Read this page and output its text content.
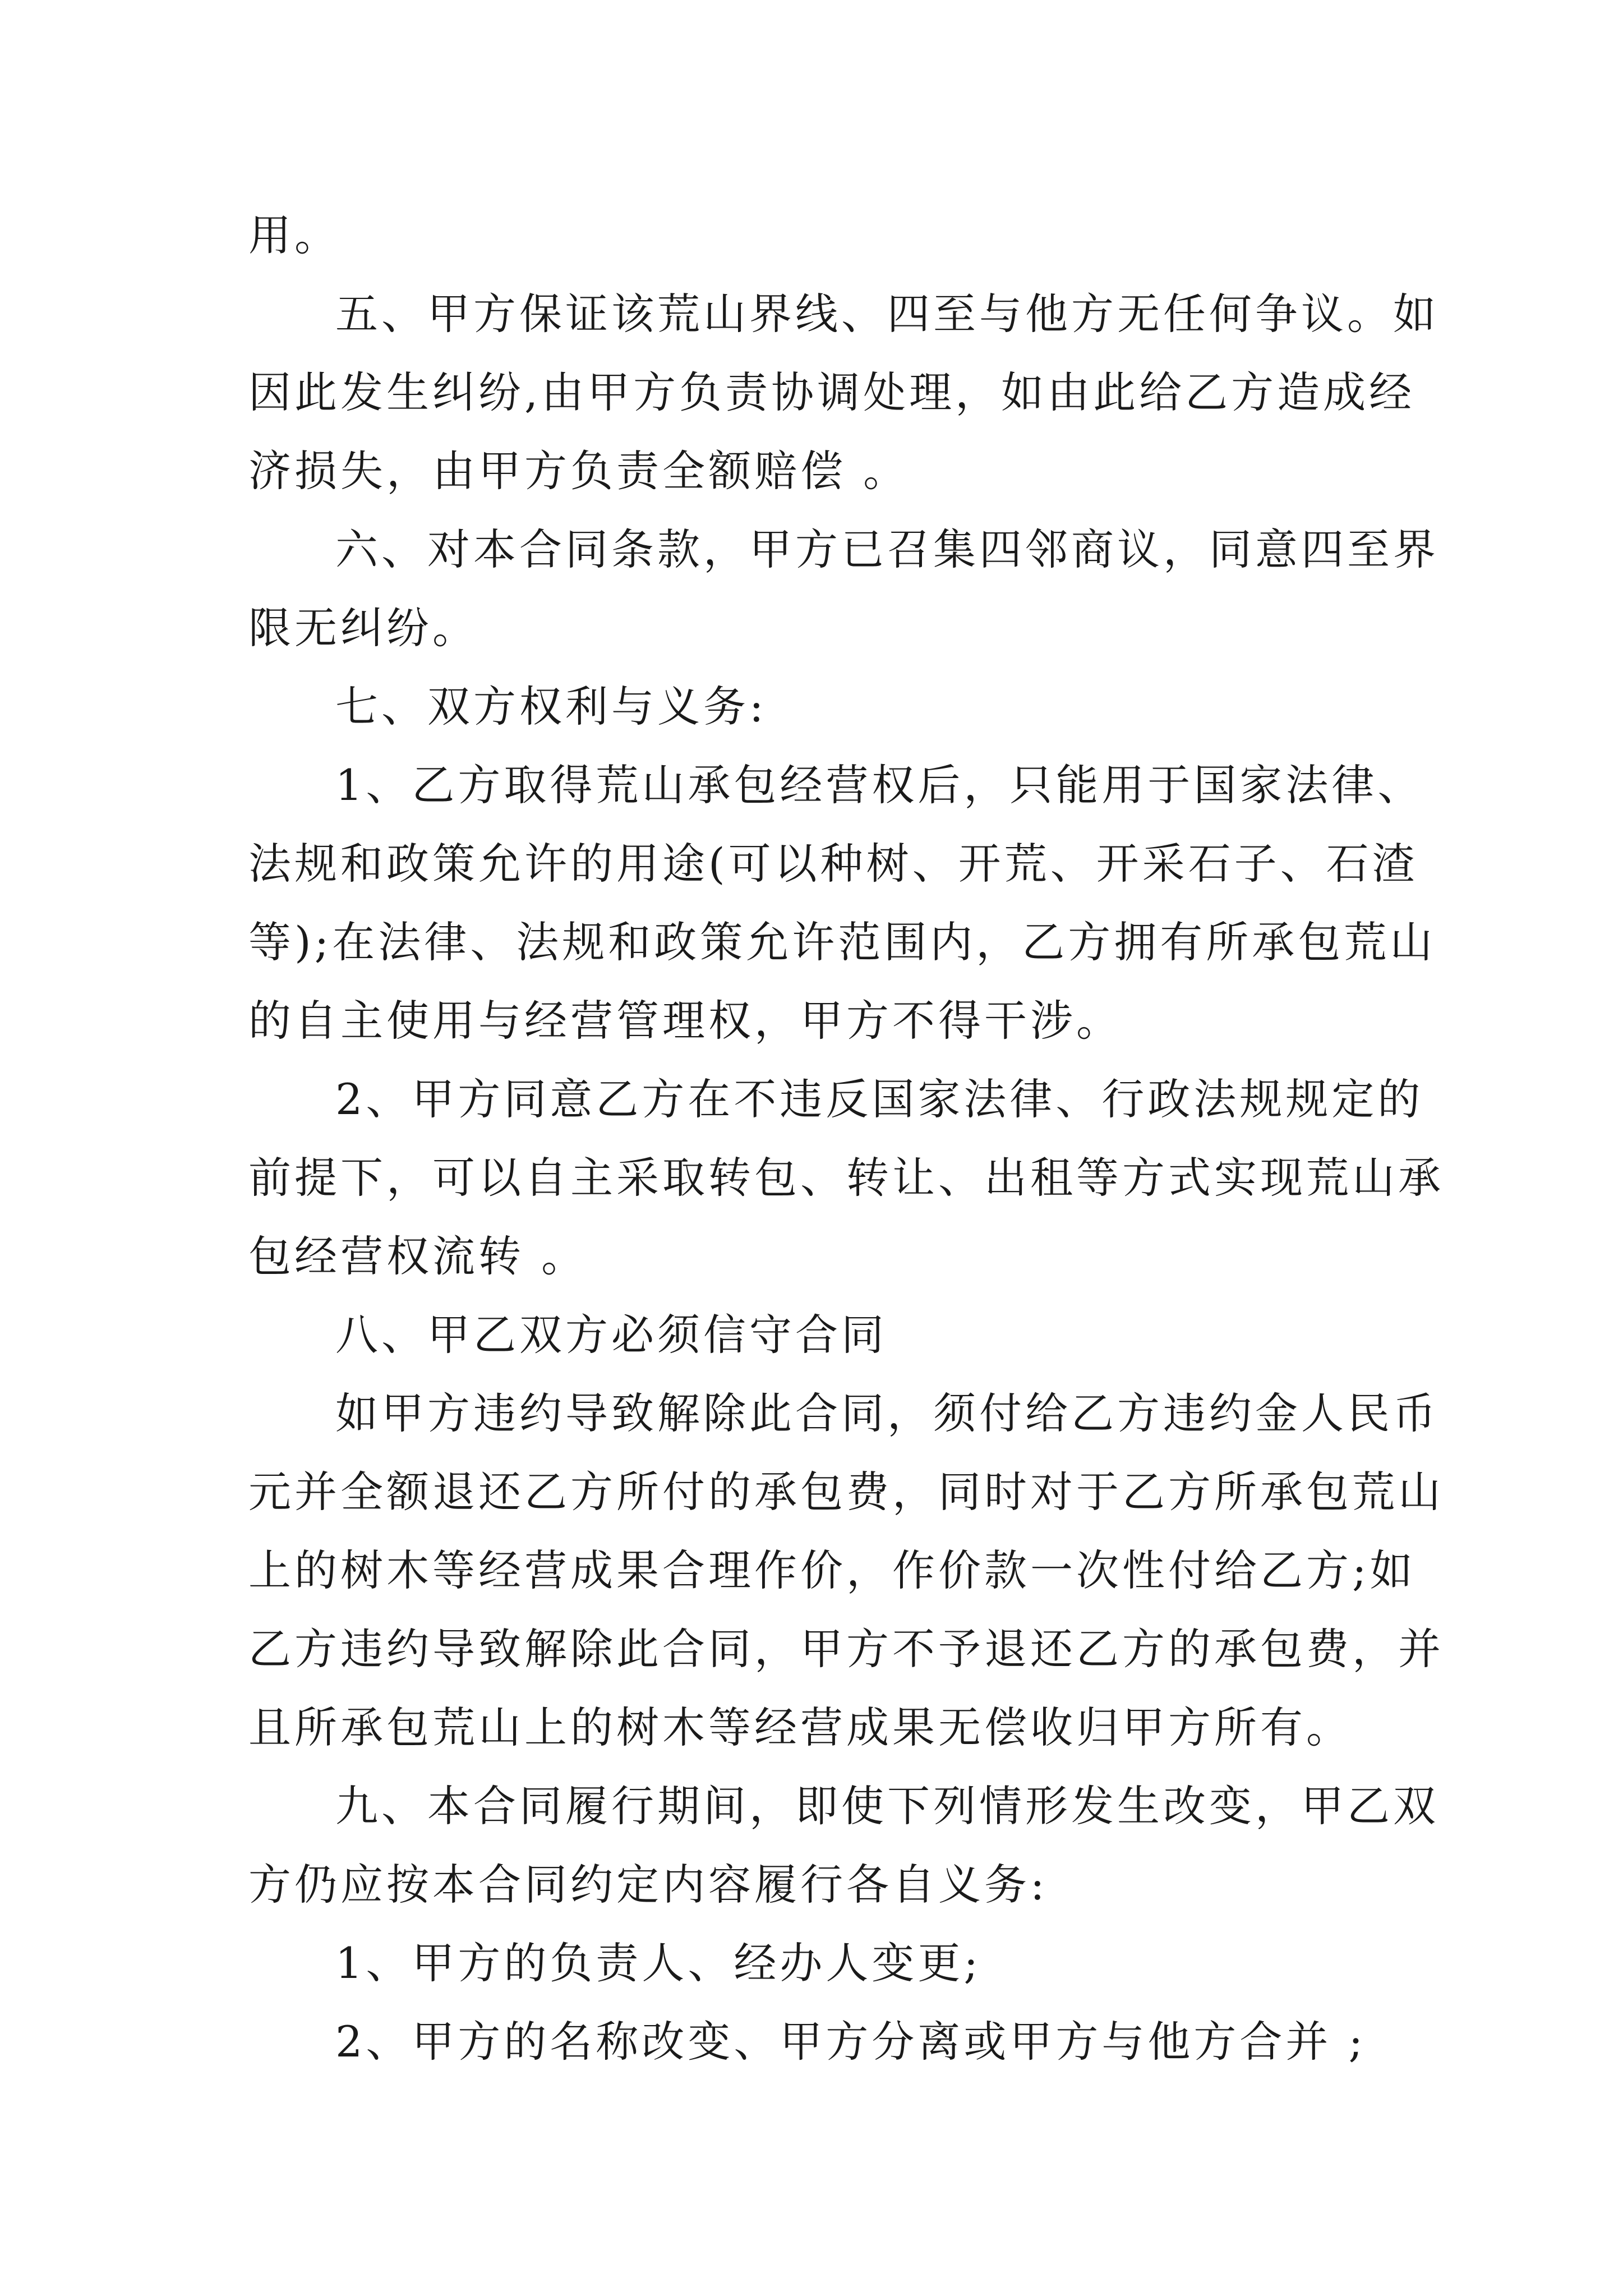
用。
五、甲方保证该荒山界线、四至与他方无任何争议。如
因此发生纠纷,由甲方负责协调处理，如由此给乙方造成经
济损失，由甲方负责全额赔偿 。
六、对本合同条款，甲方已召集四邻商议，同意四至界
限无纠纷。
七、双方权利与义务:
1、乙方取得荒山承包经营权后，只能用于国家法律、
法规和政策允许的用途(可以种树、开荒、开采石子、石渣
等);在法律、法规和政策允许范围内，乙方拥有所承包荒山
的自主使用与经营管理权，甲方不得干涉。
2、甲方同意乙方在不违反国家法律、行政法规规定的
前提下，可以自主采取转包、转让、出租等方式实现荒山承
包经营权流转 。
八、甲乙双方必须信守合同
如甲方违约导致解除此合同，须付给乙方违约金人民币
元并全额退还乙方所付的承包费，同时对于乙方所承包荒山
上的树木等经营成果合理作价，作价款一次性付给乙方;如
乙方违约导致解除此合同，甲方不予退还乙方的承包费，并
且所承包荒山上的树木等经营成果无偿收归甲方所有。
九、本合同履行期间，即使下列情形发生改变，甲乙双
方仍应按本合同约定内容履行各自义务:
1、甲方的负责人、经办人变更;
2、甲方的名称改变、甲方分离或甲方与他方合并 ;
